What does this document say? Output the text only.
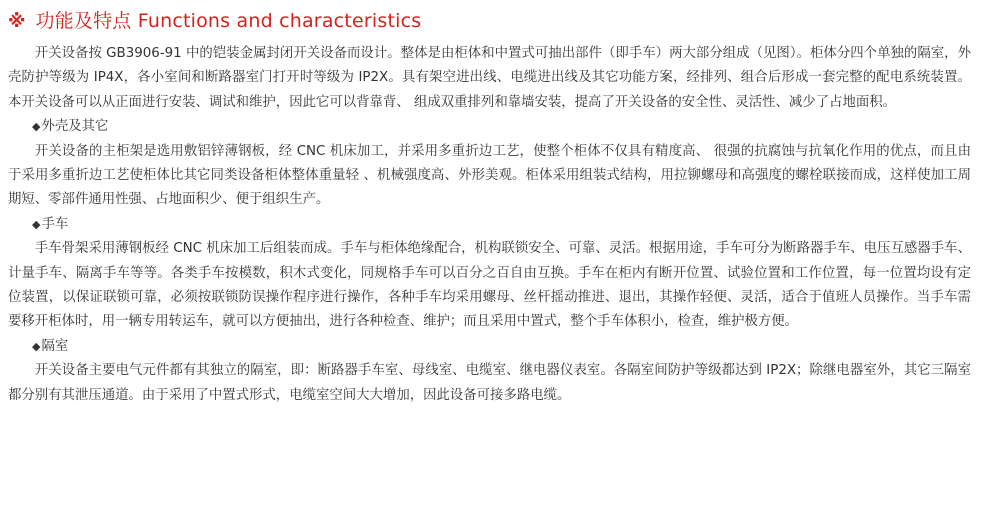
※ 功能及特点 Functions and characteristics

开关设备按 GB3906-91 中的铠装金属封闭开关设备而设计。整体是由柜体和中置式可抽出部件（即手车）两大部分组成（见图）。柜体分四个单独的隔室，外壳防护等级为 IP4X，各小室间和断路器室门打开时等级为 IP2X。具有架空进出线、电缆进出线及其它功能方案，经排列、组合后形成一套完整的配电系统装置。本开关设备可以从正面进行安装、调试和维护，因此它可以背靠背、 组成双重排列和靠墙安装，提高了开关设备的安全性、灵活性、减少了占地面积。

◆外壳及其它

开关设备的主柜架是选用敷铝锌薄钢板，经 CNC 机床加工，并采用多重折边工艺，使整个柜体不仅具有精度高、 很强的抗腐蚀与抗氧化作用的优点，而且由于采用多重折边工艺使柜体比其它同类设备柜体整体重量轻 、机械强度高、外形美观。柜体采用组装式结构，用拉铆螺母和高强度的螺栓联接而成，这样使加工周期短、零部件通用性强、占地面积少、便于组织生产。

◆手车

手车骨架采用薄钢板经 CNC 机床加工后组装而成。手车与柜体绝缘配合，机构联锁安全、可靠、灵活。根据用途，手车可分为断路器手车、电压互感器手车、计量手车、隔离手车等等。各类手车按模数，积木式变化，同规格手车可以百分之百自由互换。手车在柜内有断开位置、试验位置和工作位置，每一位置均设有定位装置，以保证联锁可靠，必须按联锁防误操作程序进行操作，各种手车均采用螺母、丝杆摇动推进、退出，其操作轻便、灵活，适合于值班人员操作。当手车需要移开柜体时，用一辆专用转运车，就可以方便抽出，进行各种检查、维护；而且采用中置式，整个手车体积小，检查，维护极方便。

◆隔室

开关设备主要电气元件都有其独立的隔室，即：断路器手车室、母线室、电缆室、继电器仪表室。各隔室间防护等级都达到 IP2X；除继电器室外，其它三隔室都分别有其泄压通道。由于采用了中置式形式，电缆室空间大大增加，因此设备可接多路电缆。
